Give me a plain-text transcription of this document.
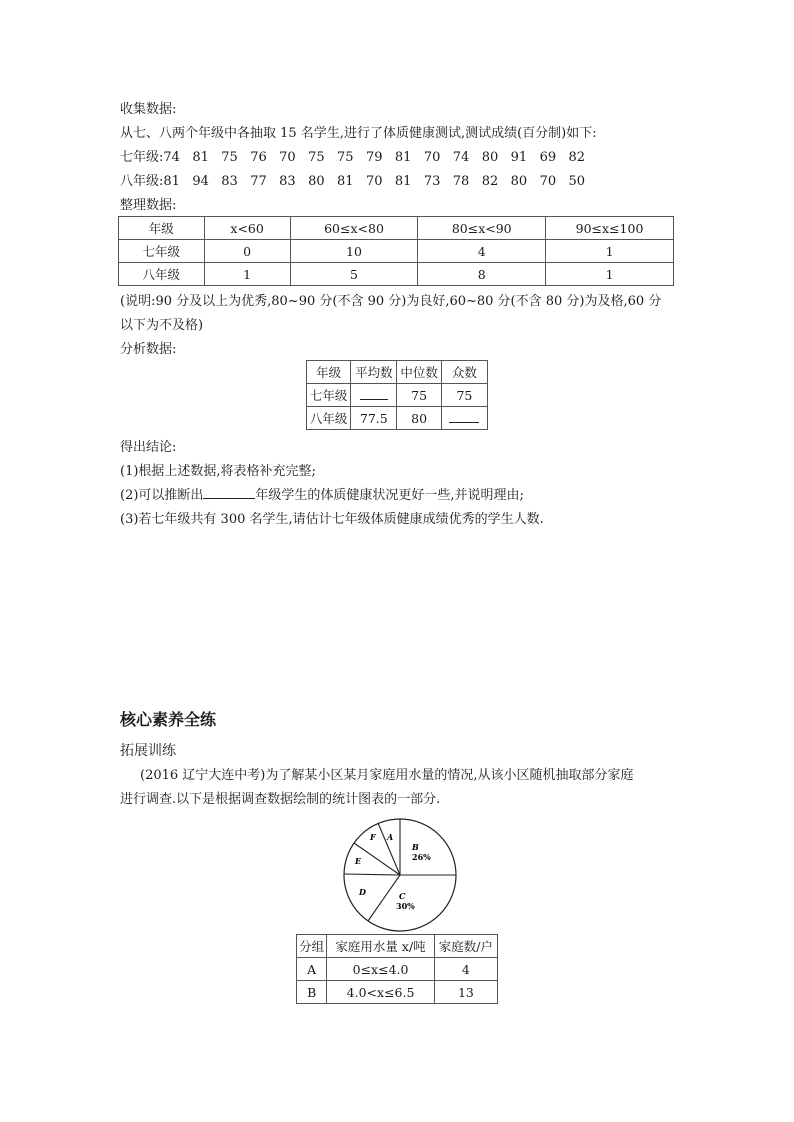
收集数据:
从七、八两个年级中各抽取 15 名学生,进行了体质健康测试,测试成绩(百分制)如下:
七年级:74   81   75   76   70   75   75   79   81   70   74   80   91   69   82
八年级:81   94   83   77   83   80   81   70   81   73   78   82   80   70   50
整理数据:
年级	x<60	60≤x<80	80≤x<90	90≤x≤100
七年级	0	10	4	1
八年级	1	5	8	1
(说明:90 分及以上为优秀,80~90 分(不含 90 分)为良好,60~80 分(不含 80 分)为及格,60 分
以下为不及格)
分析数据:
年级	平均数	中位数	众数
七年级		75	75
八年级	77.5	80	
得出结论:
(1)根据上述数据,将表格补充完整;
(2)可以推断出	年级学生的体质健康状况更好一些,并说明理由;
(3)若七年级共有 300 名学生,请估计七年级体质健康成绩优秀的学生人数.
核心素养全练
拓展训练
(2016 辽宁大连中考)为了解某小区某月家庭用水量的情况,从该小区随机抽取部分家庭
进行调查.以下是根据调查数据绘制的统计图表的一部分.
A
B
26%
C
30%
D
E
F
分组	家庭用水量 x/吨	家庭数/户
A	0≤x≤4.0	4
B	4.0<x≤6.5	13
